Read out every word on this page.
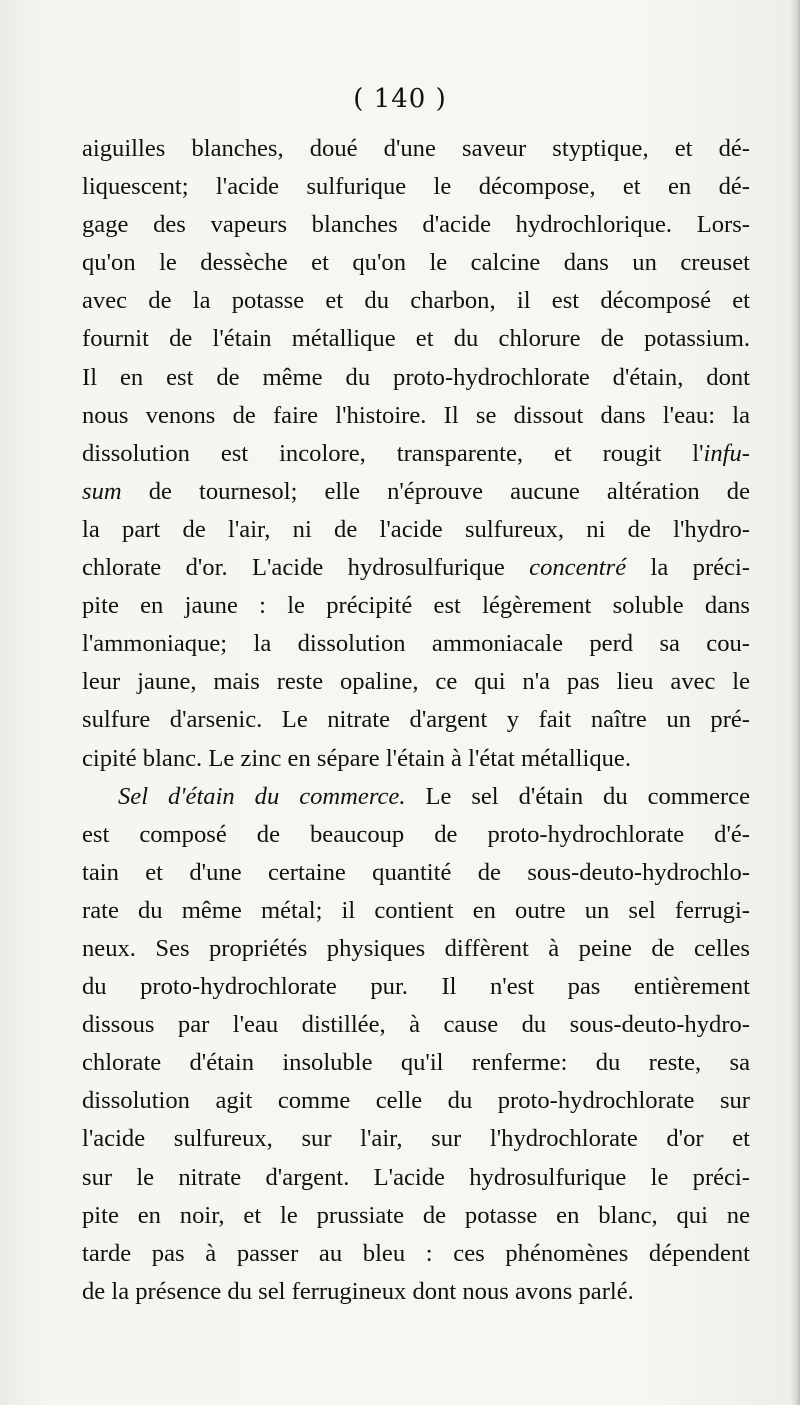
( 140 )
aiguilles blanches, doué d'une saveur styptique, et dé-
liquescent; l'acide sulfurique le décompose, et en dé-
gage des vapeurs blanches d'acide hydrochlorique. Lors-
qu'on le dessèche et qu'on le calcine dans un creuset
avec de la potasse et du charbon, il est décomposé et
fournit de l'étain métallique et du chlorure de potassium.
Il en est de même du proto-hydrochlorate d'étain, dont
nous venons de faire l'histoire. Il se dissout dans l'eau: la
dissolution est incolore, transparente, et rougit l'infu-
sum de tournesol; elle n'éprouve aucune altération de
la part de l'air, ni de l'acide sulfureux, ni de l'hydro-
chlorate d'or. L'acide hydrosulfurique concentré la préci-
pite en jaune : le précipité est légèrement soluble dans
l'ammoniaque; la dissolution ammoniacale perd sa cou-
leur jaune, mais reste opaline, ce qui n'a pas lieu avec le
sulfure d'arsenic. Le nitrate d'argent y fait naître un pré-
cipité blanc. Le zinc en sépare l'étain à l'état métallique.
Sel d'étain du commerce. Le sel d'étain du commerce
est composé de beaucoup de proto-hydrochlorate d'é-
tain et d'une certaine quantité de sous-deuto-hydrochlo-
rate du même métal; il contient en outre un sel ferrugi-
neux. Ses propriétés physiques diffèrent à peine de celles
du proto-hydrochlorate pur. Il n'est pas entièrement
dissous par l'eau distillée, à cause du sous-deuto-hydro-
chlorate d'étain insoluble qu'il renferme: du reste, sa
dissolution agit comme celle du proto-hydrochlorate sur
l'acide sulfureux, sur l'air, sur l'hydrochlorate d'or et
sur le nitrate d'argent. L'acide hydrosulfurique le préci-
pite en noir, et le prussiate de potasse en blanc, qui ne
tarde pas à passer au bleu : ces phénomènes dépendent
de la présence du sel ferrugineux dont nous avons parlé.
